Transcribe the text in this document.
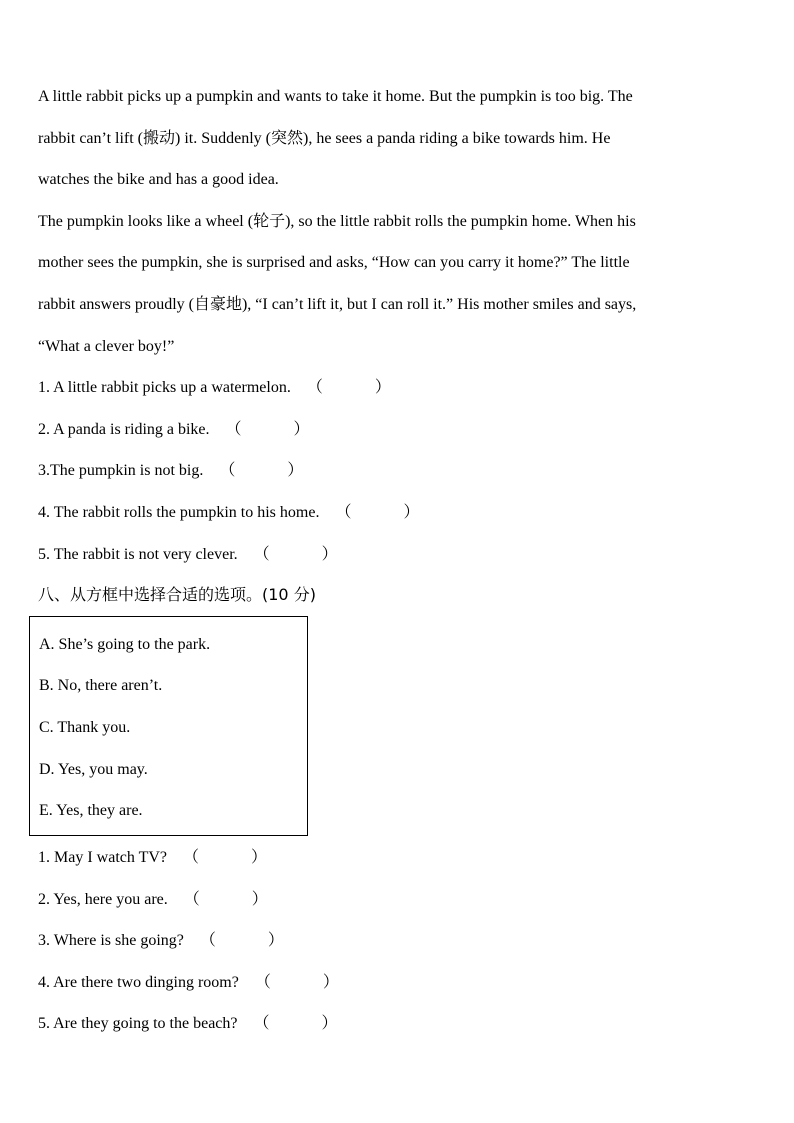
A little rabbit picks up a pumpkin and wants to take it home. But the pumpkin is too big. The
rabbit can’t lift (搬动) it. Suddenly (突然), he sees a panda riding a bike towards him. He
watches the bike and has a good idea.
The pumpkin looks like a wheel (轮子), so the little rabbit rolls the pumpkin home. When his
mother sees the pumpkin, she is surprised and asks, “How can you carry it home?” The little
rabbit answers proudly (自豪地), “I can’t lift it, but I can roll it.” His mother smiles and says,
“What a clever boy!”
1. A little rabbit picks up a watermelon. （	）
2. A panda is riding a bike. （	）
3.The pumpkin is not big. （	）
4. The rabbit rolls the pumpkin to his home. （	）
5. The rabbit is not very clever. （	）
八、从方框中选择合适的选项。(10 分)
A. She’s going to the park.
B. No, there aren’t.
C. Thank you.
D. Yes, you may.
E. Yes, they are.
1. May I watch TV? （	）
2. Yes, here you are. （	）
3. Where is she going? （	）
4. Are there two dinging room? （	）
5. Are they going to the beach? （	）
